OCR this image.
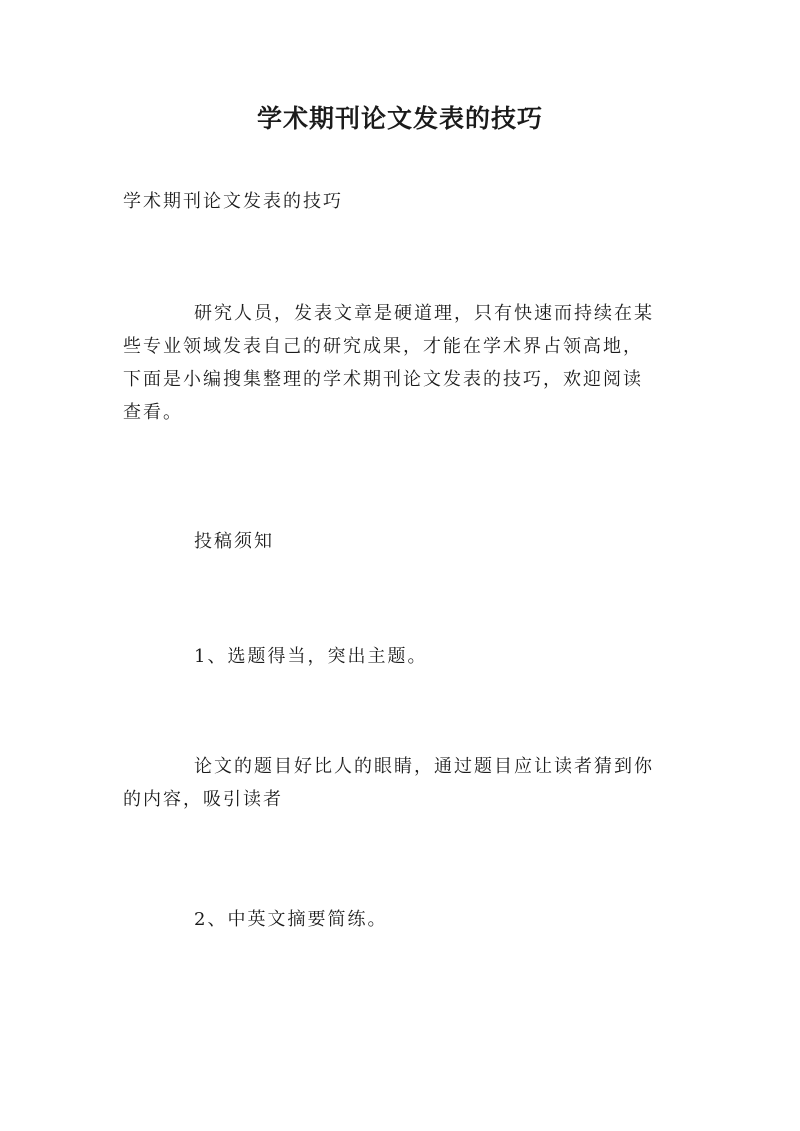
学术期刊论文发表的技巧

学术期刊论文发表的技巧

研究人员，发表文章是硬道理，只有快速而持续在某
些专业领域发表自己的研究成果，才能在学术界占领高地，
下面是小编搜集整理的学术期刊论文发表的技巧，欢迎阅读
查看。

投稿须知

1、选题得当，突出主题。

论文的题目好比人的眼睛，通过题目应让读者猜到你
的内容，吸引读者

2、中英文摘要简练。
